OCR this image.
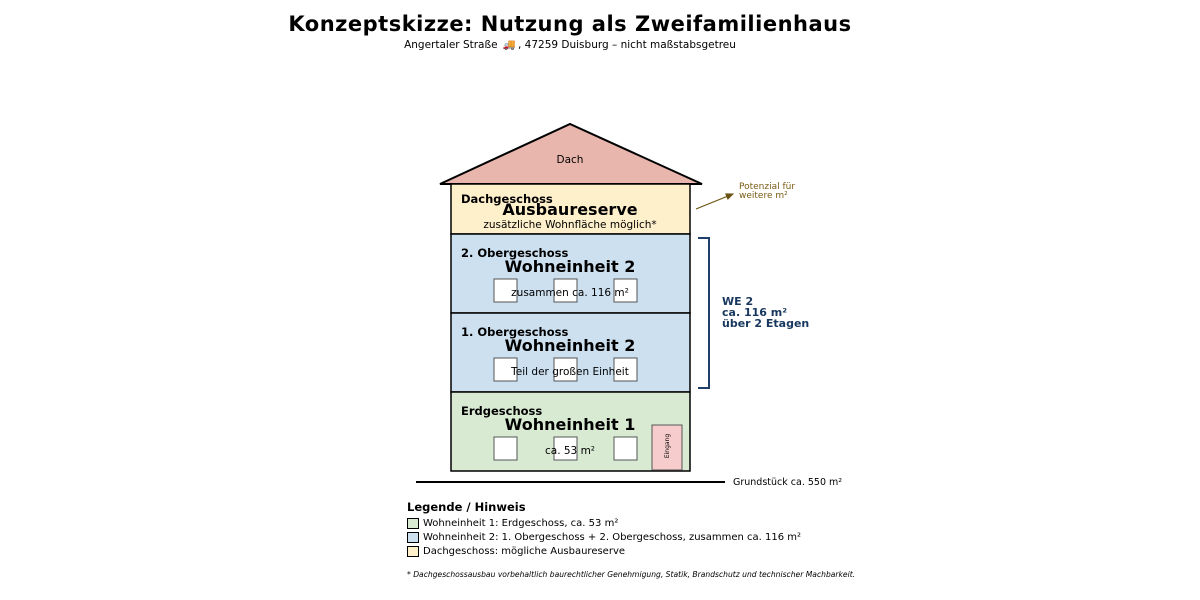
Konzeptskizze: Nutzung als Zweifamilienhaus
Angertaler Straße 🚚 , 47259 Duisburg – nicht maßstabsgetreu
Dach
Dachgeschoss
Ausbaureserve
zusätzliche Wohnfläche möglich*
2. Obergeschoss
Wohneinheit 2
zusammen ca. 116 m²
1. Obergeschoss
Wohneinheit 2
Teil der großen Einheit
Erdgeschoss
Wohneinheit 1
ca. 53 m²	Eingang
Potenzial für
weitere m²
WE 2
ca. 116 m²
über 2 Etagen
Grundstück ca. 550 m²
Legende / Hinweis
Wohneinheit 1: Erdgeschoss, ca. 53 m²
Wohneinheit 2: 1. Obergeschoss + 2. Obergeschoss, zusammen ca. 116 m²
Dachgeschoss: mögliche Ausbaureserve
* Dachgeschossausbau vorbehaltlich baurechtlicher Genehmigung, Statik, Brandschutz und technischer Machbarkeit.
